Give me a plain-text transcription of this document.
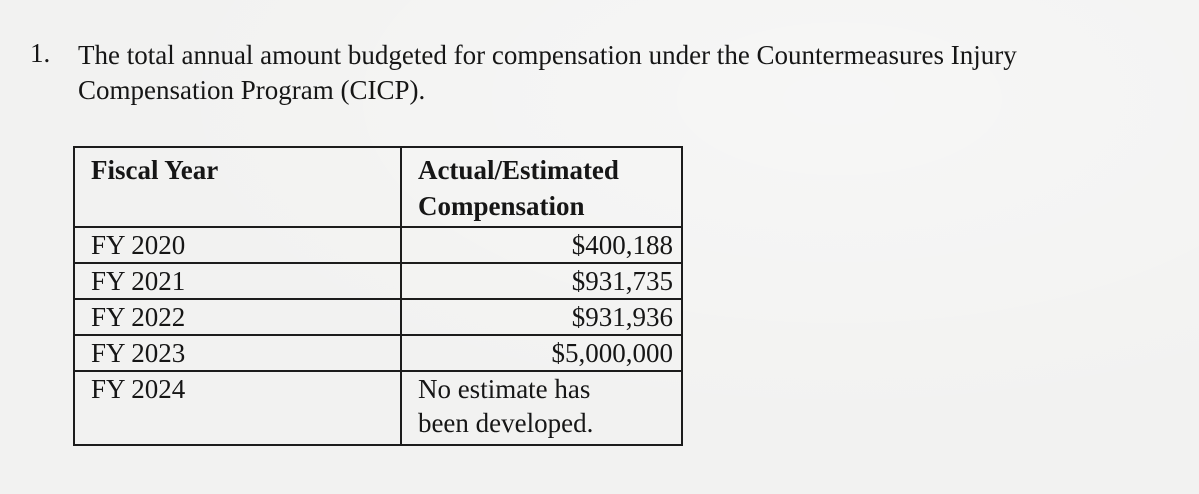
1. The total annual amount budgeted for compensation under the Countermeasures Injury
Compensation Program (CICP).
Fiscal Year	Actual/Estimated
Compensation
FY 2020	$400,188
FY 2021	$931,735
FY 2022	$931,936
FY 2023	$5,000,000
FY 2024	No estimate has
been developed.
